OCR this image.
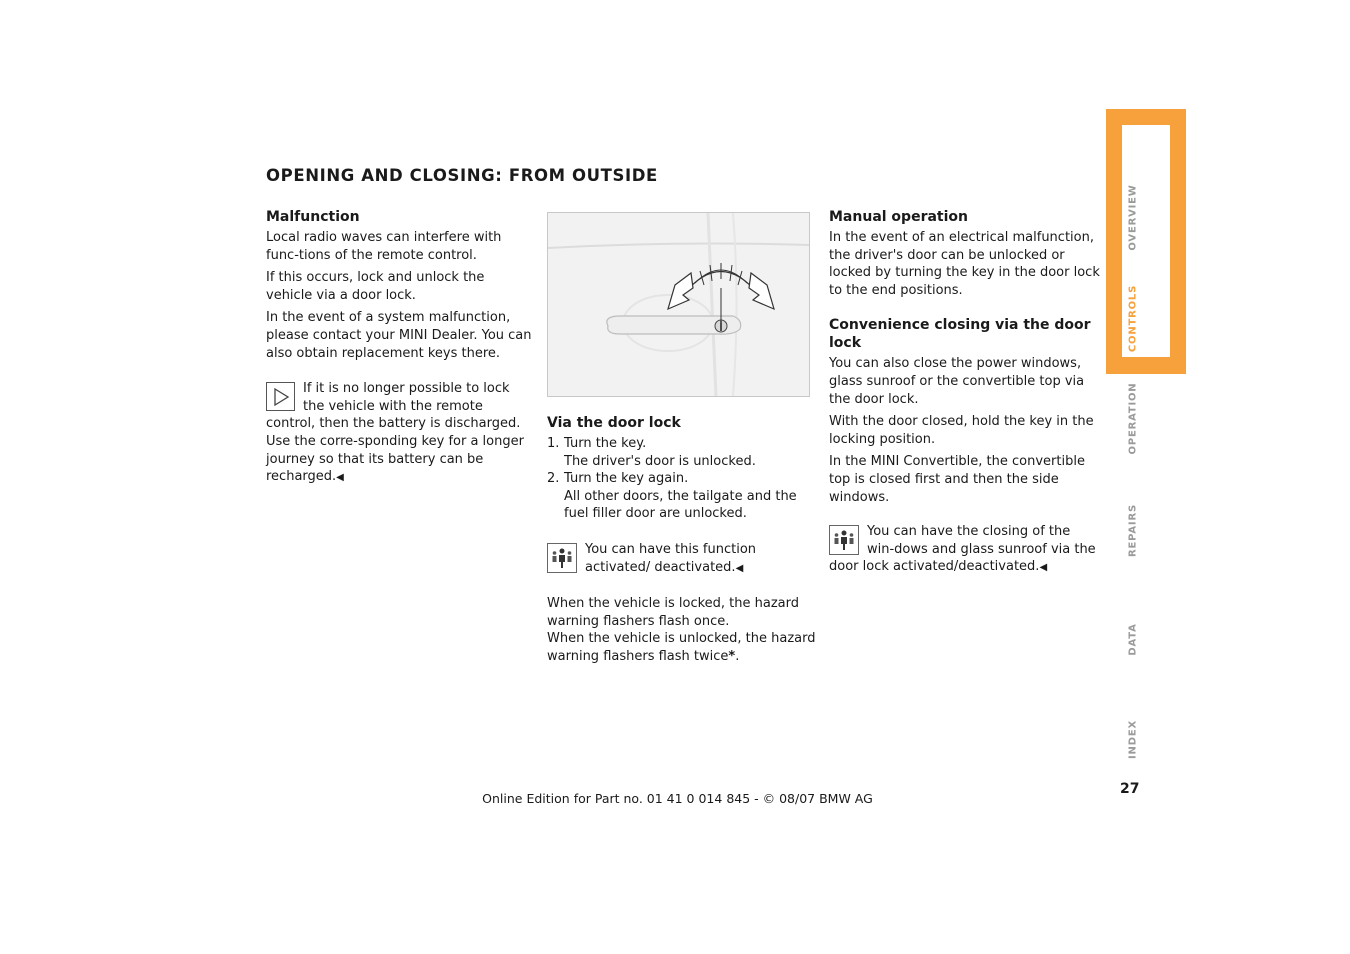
OPENING AND CLOSING: FROM OUTSIDE
Malfunction

Local radio waves can interfere with func-tions of the remote control.

If this occurs, lock and unlock the vehicle via a door lock.

In the event of a system malfunction, please contact your MINI Dealer. You can also obtain replacement keys there.

If it is no longer possible to lock the vehicle with the remote control, then the battery is discharged. Use the corre-sponding key for a longer journey so that its battery can be recharged.◀
Via the door lock
1. Turn the key.
The driver's door is unlocked.
2. Turn the key again.
All other doors, the tailgate and the fuel filler door are unlocked.
You can have this function activated/ deactivated.◀

When the vehicle is locked, the hazard warning flashers flash once.

When the vehicle is unlocked, the hazard warning flashers flash twice*.

Manual operation

In the event of an electrical malfunction, the driver's door can be unlocked or locked by turning the key in the door lock to the end positions.

Convenience closing via the door lock

You can also close the power windows, glass sunroof or the convertible top via the door lock.

With the door closed, hold the key in the locking position.

In the MINI Convertible, the convertible top is closed first and then the side windows.

You can have the closing of the win-dows and glass sunroof via the door lock activated/deactivated.◀
OVERVIEW
CONTROLS
OPERATION
REPAIRS
DATA
INDEX
27
Online Edition for Part no. 01 41 0 014 845 - © 08/07 BMW AG
